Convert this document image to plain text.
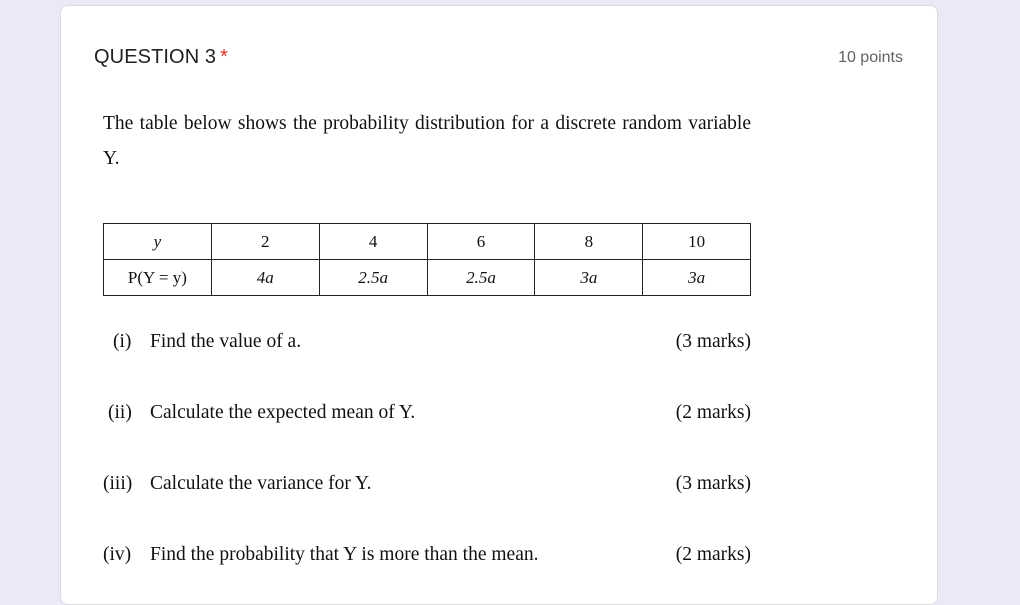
QUESTION 3 *	10 points

The table below shows the probability distribution for a discrete random variable Y.

y	2	4	6	8	10
P(Y = y)	4a	2.5a	2.5a	3a	3a
(i) Find the value of a.	(3 marks)
(ii) Calculate the expected mean of Y.	(2 marks)
(iii) Calculate the variance for Y.	(3 marks)
(iv) Find the probability that Y is more than the mean.	(2 marks)
